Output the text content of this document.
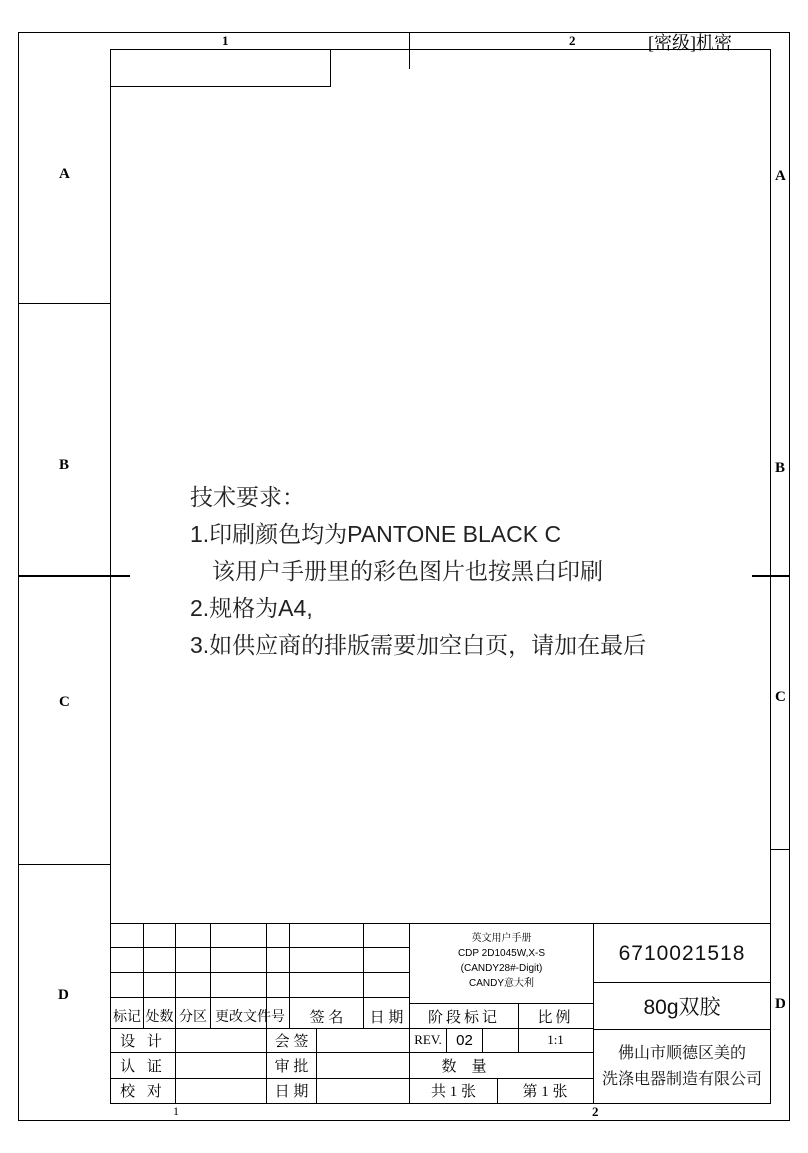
1	2	[密级]机密
1	2
A
B
C
D
A
B
C
D
技术要求：
1.印刷颜色均为PANTONE BLACK C
该用户手册里的彩色图片也按黑白印刷
2.规格为A4,
3.如供应商的排版需要加空白页，请加在最后
英文用户手册
CDP 2D1045W,X-S
(CANDY28#-Digit)
CANDY意大利
6710021518
80g双胶
佛山市顺德区美的
洗涤电器制造有限公司
标记 处数 分区 更改文件号	签 名	日 期	阶段标记	比例
REV. 02	1:1
数　量
共 1 张	第 1 张
设 计	会 签
认 证	审 批
校 对	日 期
